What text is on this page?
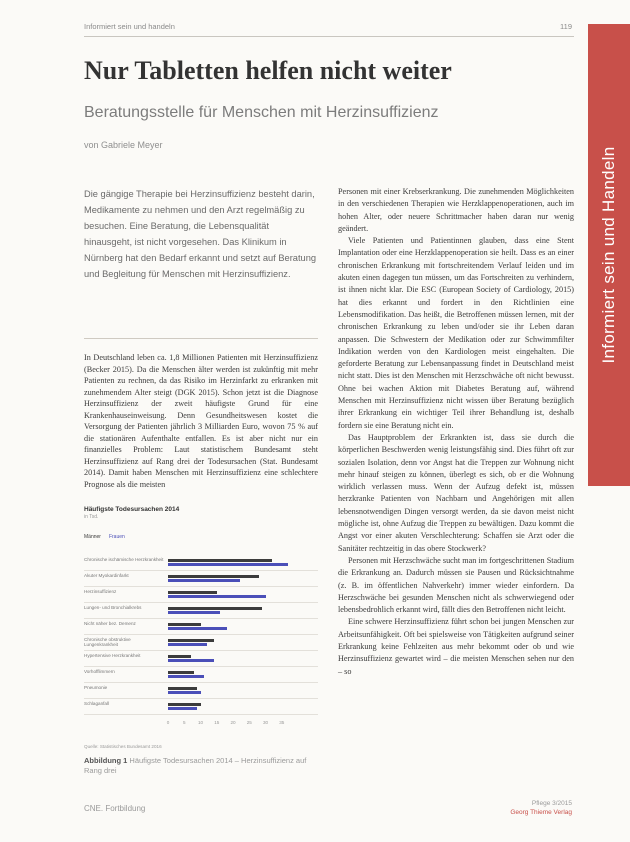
Informiert sein und handeln	119
Informiert sein und Handeln
Nur Tabletten helfen nicht weiter
Beratungsstelle für Menschen mit Herzinsuffizienz
von Gabriele Meyer
Die gängige Therapie bei Herzinsuffizienz besteht darin, Medikamente zu nehmen und den Arzt regelmäßig zu besuchen. Eine Beratung, die Lebensqualität hinausgeht, ist nicht vorgesehen. Das Klinikum in Nürnberg hat den Bedarf erkannt und setzt auf Beratung und Begleitung für Menschen mit Herzinsuffizienz.

In Deutschland leben ca. 1,8 Millionen Patienten mit Herzinsuffizienz (Becker 2015). Da die Menschen älter werden ist zukünftig mit mehr Patienten zu rechnen, da das Risiko im Herzinfarkt zu erkranken mit zunehmendem Alter steigt (DGK 2015). Schon jetzt ist die Diagnose Herzinsuffizienz der zweit häufigste Grund für eine Krankenhauseinweisung. Denn Gesundheitswesen kostet die Versorgung der Patienten jährlich 3 Milliarden Euro, wovon 75 % auf die stationären Aufenthalte entfallen. Es ist aber nicht nur ein finanzielles Problem: Laut statistischem Bundesamt steht Herzinsuffizienz auf Rang drei der Todesursachen (Stat. Bundesamt 2014). Damit haben Menschen mit Herzinsuffizienz eine schlechtere Prognose als die meisten

Personen mit einer Krebserkrankung. Die zunehmenden Möglichkeiten in den verschiedenen Therapien wie Herzklappenoperationen, auch im hohen Alter, oder neuere Schrittmacher haben daran nur wenig geändert.

Viele Patienten und Patientinnen glauben, dass eine Stent Implantation oder eine Herzklappenoperation sie heilt. Dass es an einer chronischen Erkrankung mit fortschreitendem Verlauf leiden und im akuten einen dagegen tun müssen, um das Fortschreiten zu verhindern, ist ihnen nicht klar. Die ESC (European Society of Cardiology, 2015) hat dies erkannt und fordert in den Richtlinien eine Lebensmodifikation. Das heißt, die Betroffenen müssen lernen, mit der chronischen Erkrankung zu leben und/oder sie ihr Leben daran anpassen. Die Schwestern der Medikation oder zur Schwimmfilter Indikation werden von den Kardiologen meist eingehalten. Die geforderte Beratung zur Lebensanpassung findet in Deutschland meist nicht statt. Dies ist den Menschen mit Herzschwäche oft nicht bewusst. Ohne bei wachen Aktion mit Diabetes Beratung auf, während Menschen mit Herzinsuffizienz nicht wissen über Beratung bezüglich ihrer Erkrankung ein wichtiger Teil ihrer Behandlung ist, deshalb fordern sie eine Beratung nicht ein.

Das Hauptproblem der Erkrankten ist, dass sie durch die körperlichen Beschwerden wenig leistungsfähig sind. Dies führt oft zur sozialen Isolation, denn vor Angst hat die Treppen zur Wohnung nicht mehr hinauf steigen zu können, überlegt es sich, ob er die Wohnung wirklich verlassen muss. Wenn der Aufzug defekt ist, müssen herzkranke Patienten von Nachbarn und Angehörigen mit allen lebensnotwendigen Dingen versorgt werden, da sie davon meist nicht mögliche ist, ohne Aufzug die Treppen zu bewältigen. Dazu kommt die Angst vor einer akuten Verschlechterung: Schaffen sie Arzt oder die Sanitäter rechtzeitig in das obere Stockwerk?

Personen mit Herzschwäche sucht man im fortgeschrittenen Stadium die Erkrankung an. Dadurch müssen sie Pausen und Rücksichtnahme (z. B. im öffentlichen Nahverkehr) immer wieder einfordern. Da Herzschwäche bei gesunden Menschen nicht als schwerwiegend oder lebensbedrohlich erkannt wird, fällt dies den Betroffenen nicht leicht.

Eine schwere Herzinsuffizienz führt schon bei jungen Menschen zur Arbeitsunfähigkeit. Oft bei spielsweise von Tätigkeiten aufgrund seiner Erkrankung keine Fehlzeiten aus mehr bekommt oder ob und wie Herzinsuffizienz gewartet wird – die meisten Menschen sehen nur den – so

Häufigste Todesursachen 2014
in Tsd.
Männer Frauen
Chronische ischämische Herzkrankheit
Akuter Myokardinfarkt
Herzinsuffizienz
Lungen- und Bronchialkrebs
Nicht näher bez. Demenz
Chronische obstruktive Lungenkrankheit
Hypertensive Herzkrankheit
Vorhofflimmern
Pneumonie
Schlaganfall
0	5	10 15 20 25 30 35
Quelle: Statistisches Bundesamt 2016
Abbildung 1 Häufigste Todesursachen 2014 – Herzinsuffizienz auf Rang drei
CNE. Fortbildung
Pflege 3/2015
Georg Thieme Verlag
